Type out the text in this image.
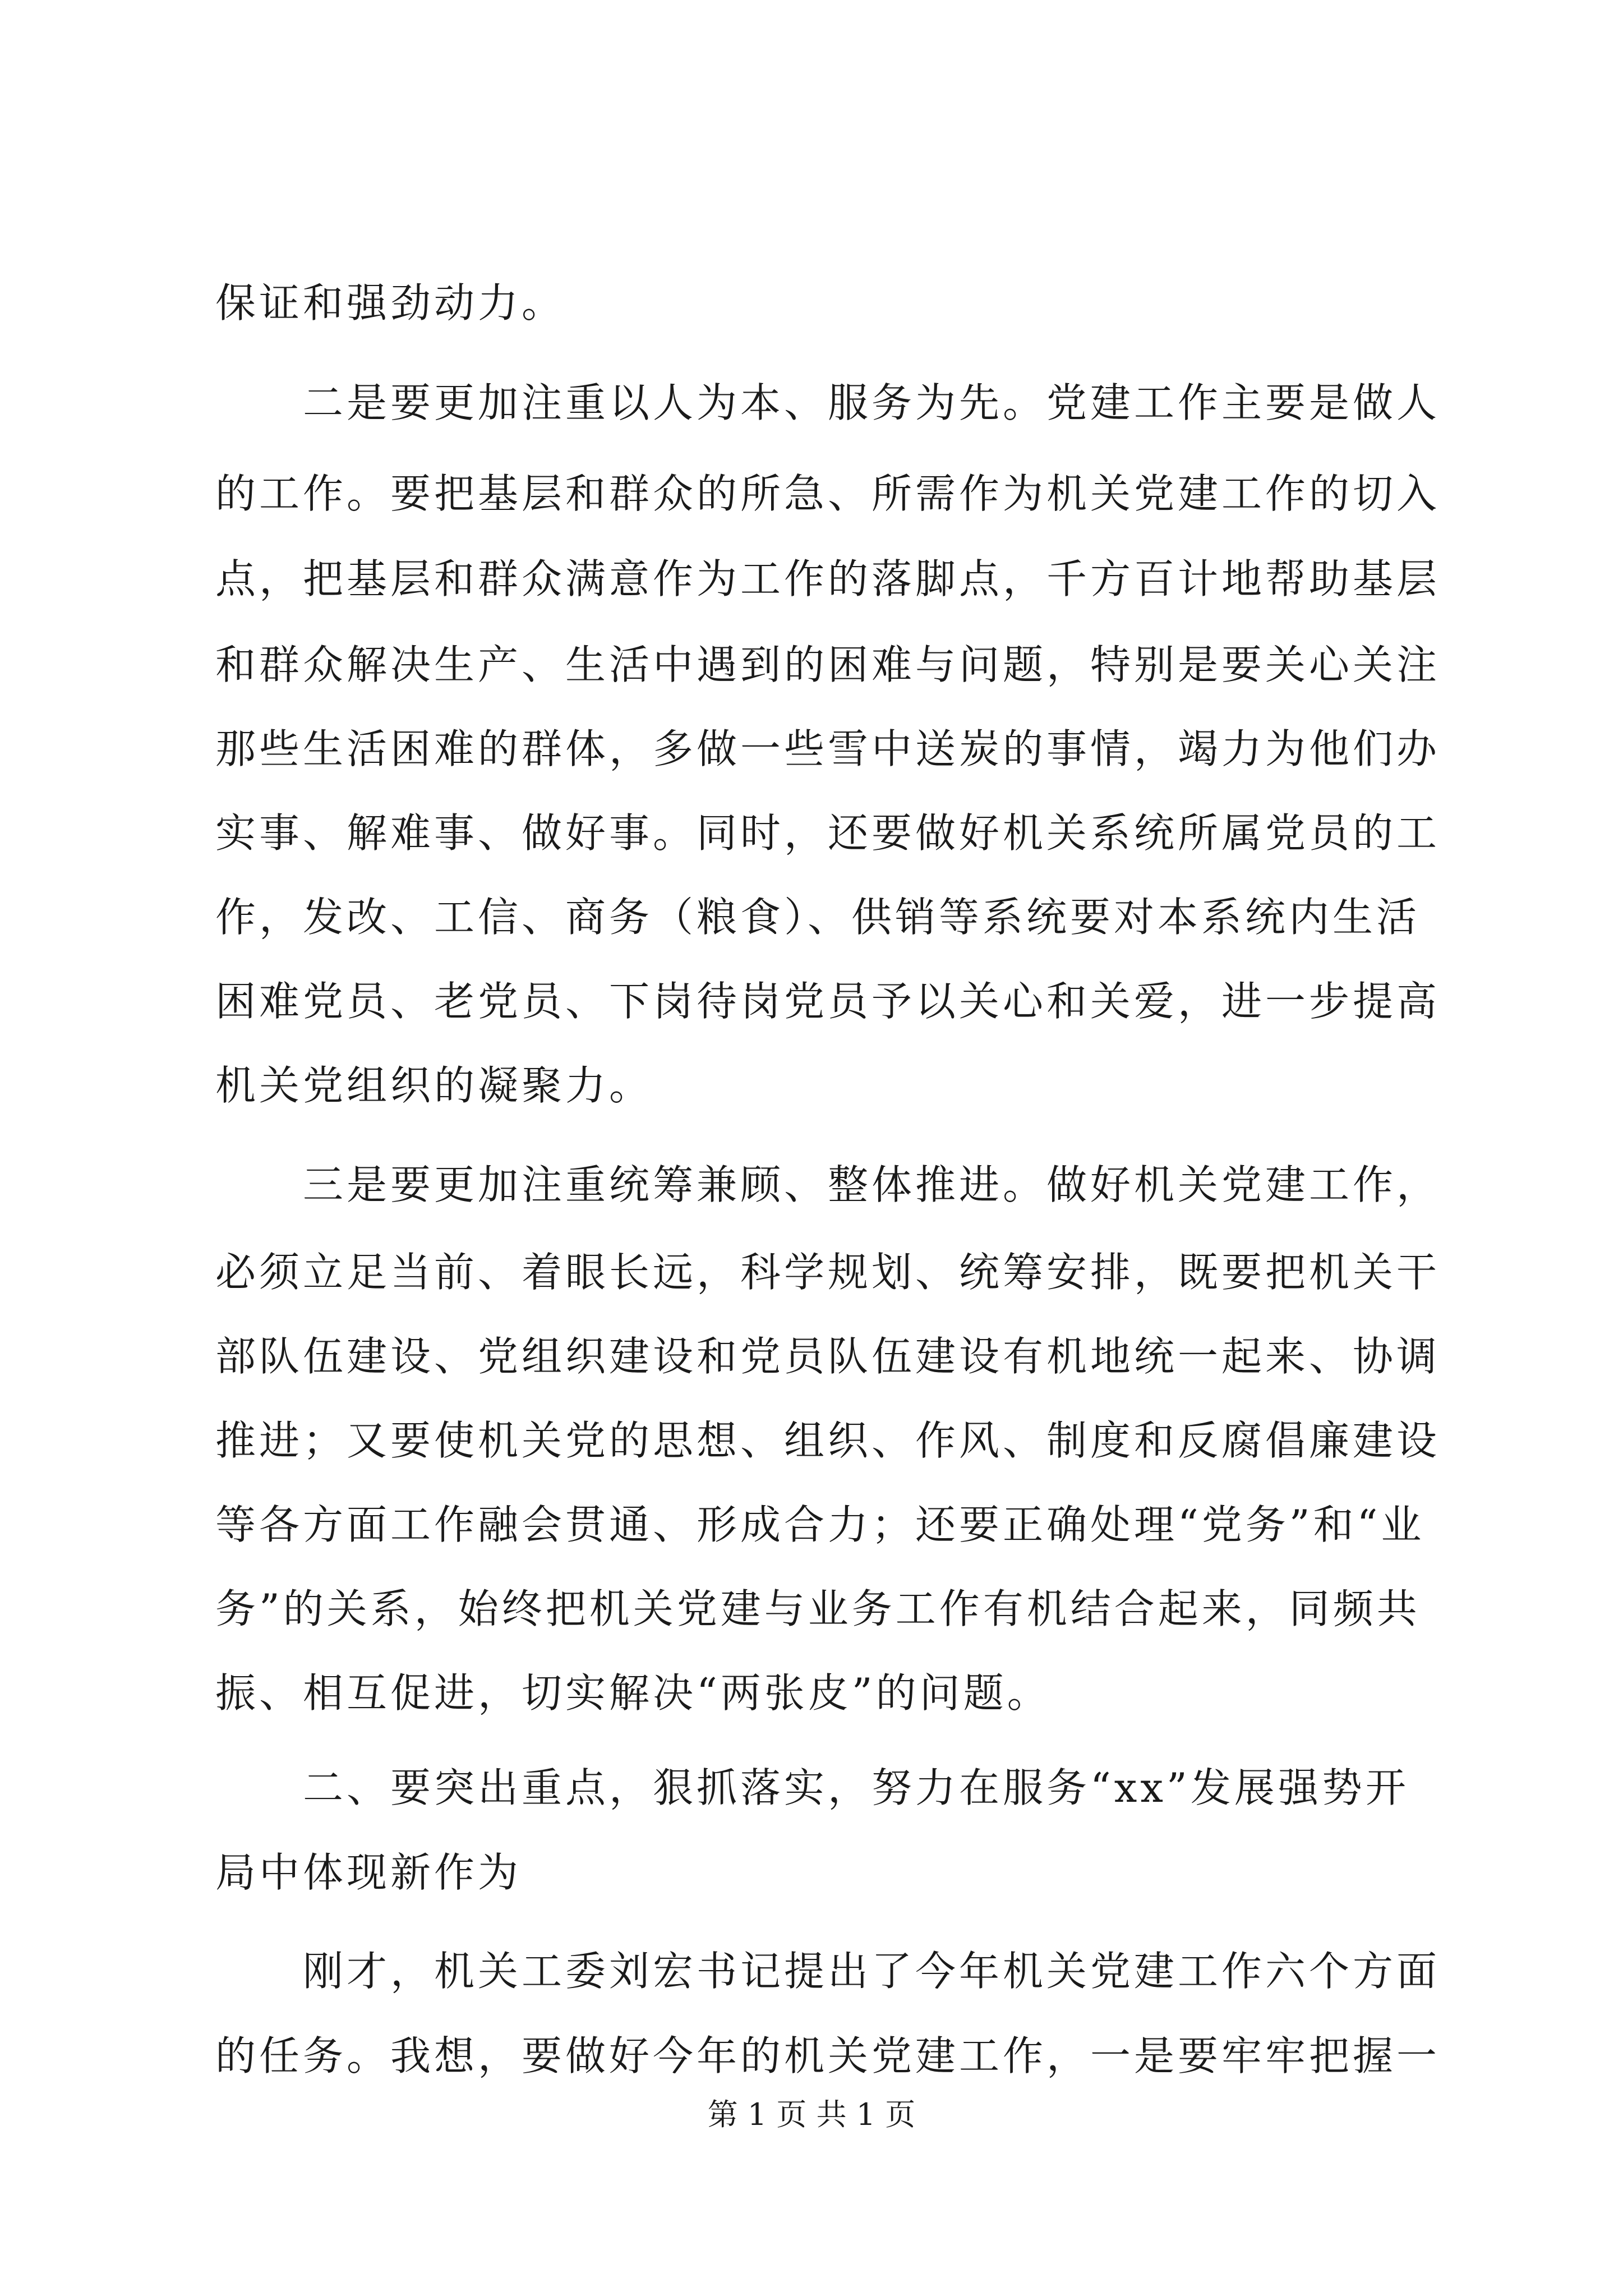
保证和强劲动力。
　　二是要更加注重以人为本、服务为先。党建工作主要是做人
的工作。要把基层和群众的所急、所需作为机关党建工作的切入
点，把基层和群众满意作为工作的落脚点，千方百计地帮助基层
和群众解决生产、生活中遇到的困难与问题，特别是要关心关注
那些生活困难的群体，多做一些雪中送炭的事情，竭力为他们办
实事、解难事、做好事。同时，还要做好机关系统所属党员的工
作，发改、工信、商务（粮食）、供销等系统要对本系统内生活
困难党员、老党员、下岗待岗党员予以关心和关爱，进一步提高
机关党组织的凝聚力。
　　三是要更加注重统筹兼顾、整体推进。做好机关党建工作，
必须立足当前、着眼长远，科学规划、统筹安排，既要把机关干
部队伍建设、党组织建设和党员队伍建设有机地统一起来、协调
推进；又要使机关党的思想、组织、作风、制度和反腐倡廉建设
等各方面工作融会贯通、形成合力；还要正确处理“党务”和“业
务”的关系，始终把机关党建与业务工作有机结合起来，同频共
振、相互促进，切实解决“两张皮”的问题。
　　二、要突出重点，狠抓落实，努力在服务“xx”发展强势开
局中体现新作为
　　刚才，机关工委刘宏书记提出了今年机关党建工作六个方面
的任务。我想，要做好今年的机关党建工作，一是要牢牢把握一
第 1 页 共 1 页
